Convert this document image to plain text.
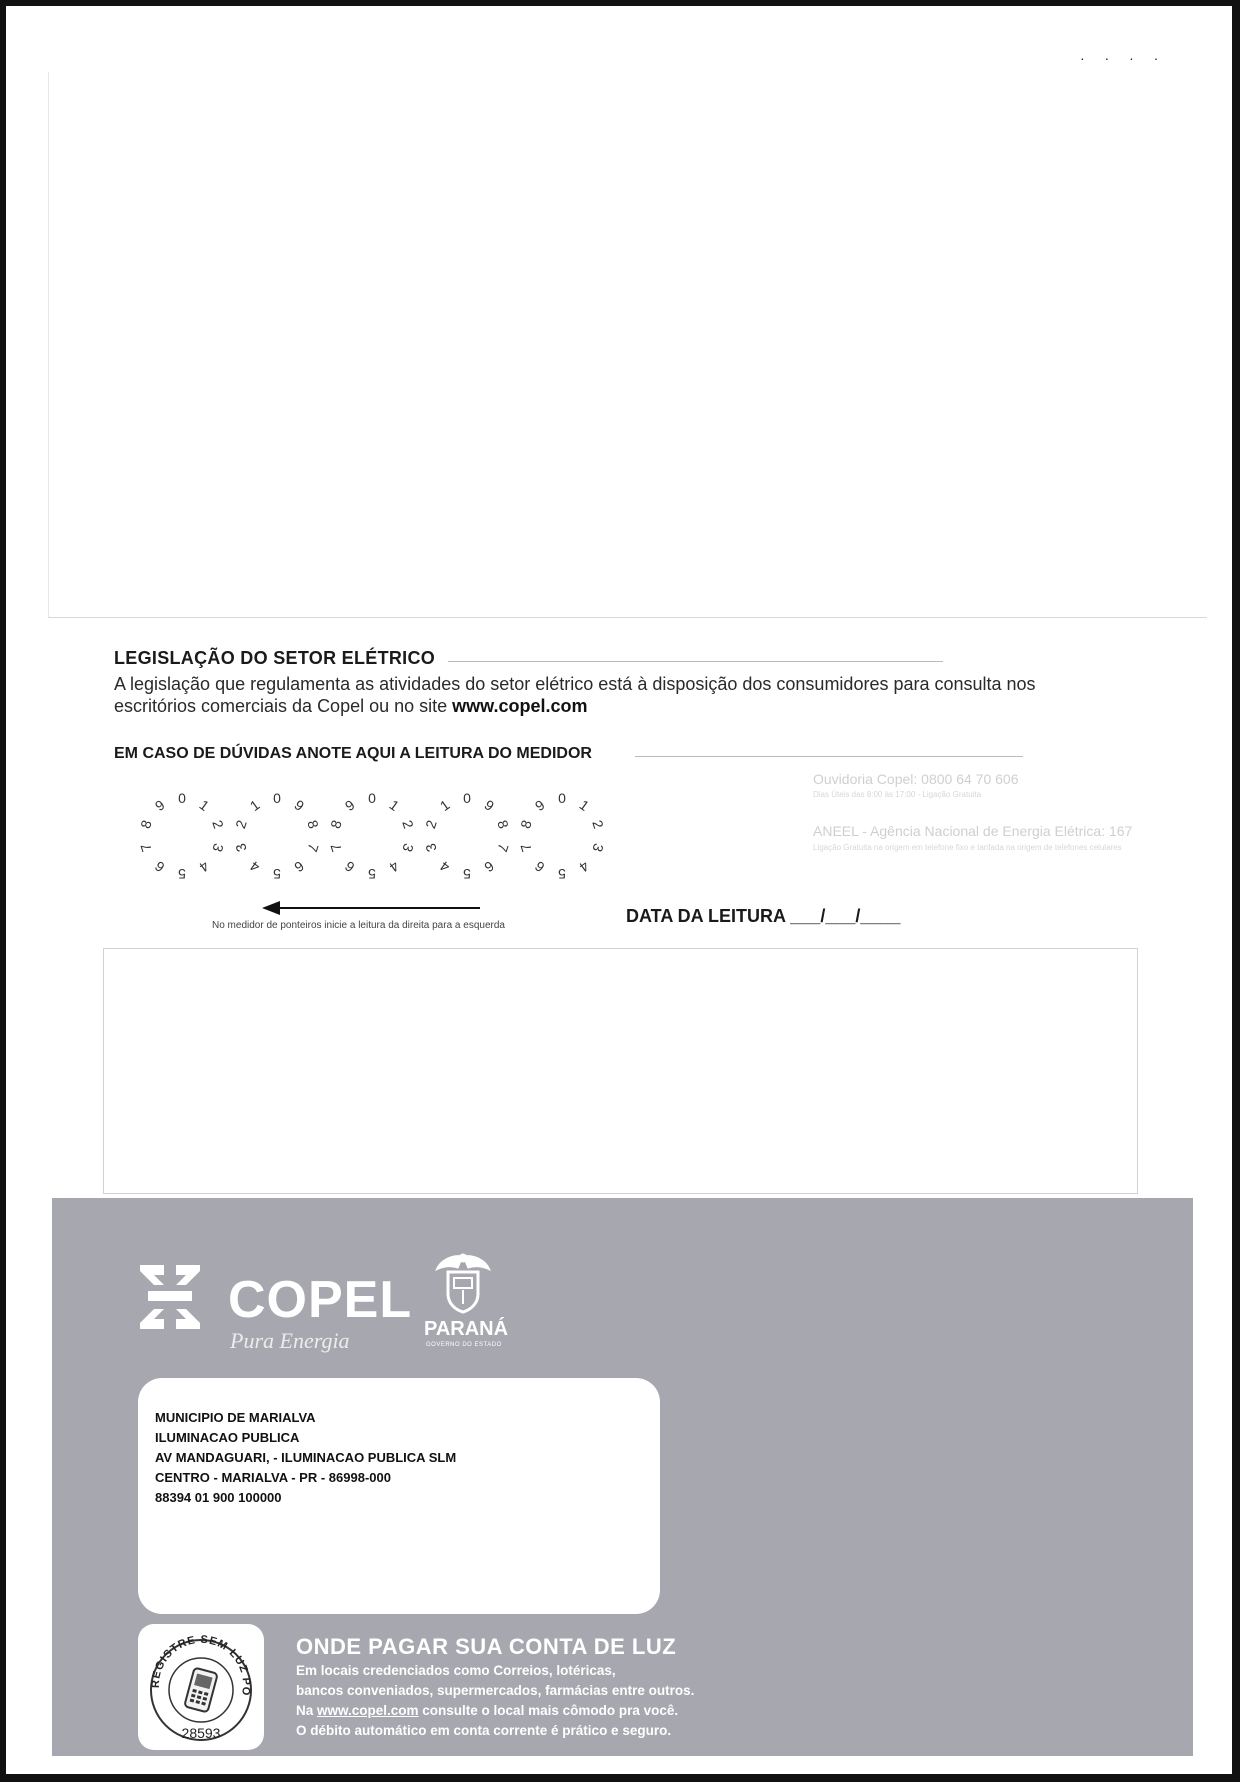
· · · ·
LEGISLAÇÃO DO SETOR ELÉTRICO
A legislação que regulamenta as atividades do setor elétrico está à disposição dos consumidores para consulta nos escritórios comerciais da Copel ou no site www.copel.com
EM CASO DE DÚVIDAS ANOTE AQUI A LEITURA DO MEDIDOR
0 1
2
3
4
5
6
7
8
9	0
1
2
3
4 5 6
7
8
9	0 1
2
3
4
5
6
7
8
9	0
1
2
3
4 5 6
7
8
9	0 1
2
3
4
5
6
7
8
9
No medidor de ponteiros inicie a leitura da direita para a esquerda
Ouvidoria Copel: 0800 64 70 606
Dias Úteis das 8:00 às 17:00 - Ligação Gratuita
ANEEL - Agência Nacional de Energia Elétrica: 167
Ligação Gratuita na origem em telefone fixo e tarifada na origem de telefones celulares
DATA DA LEITURA ___/___/____
COPEL
Pura Energia	PARANÁ
GOVERNO DO ESTADO
MUNICIPIO DE MARIALVA
ILUMINACAO PUBLICA
AV MANDAGUARI, - ILUMINACAO PUBLICA SLM
CENTRO - MARIALVA - PR - 86998-000
88394 01 900 100000
REGISTRE SEM LUZ PO
28593
ONDE PAGAR SUA CONTA DE LUZ
Em locais credenciados como Correios, lotéricas,
bancos conveniados, supermercados, farmácias entre outros.
Na www.copel.com consulte o local mais cômodo pra você.
O débito automático em conta corrente é prático e seguro.
